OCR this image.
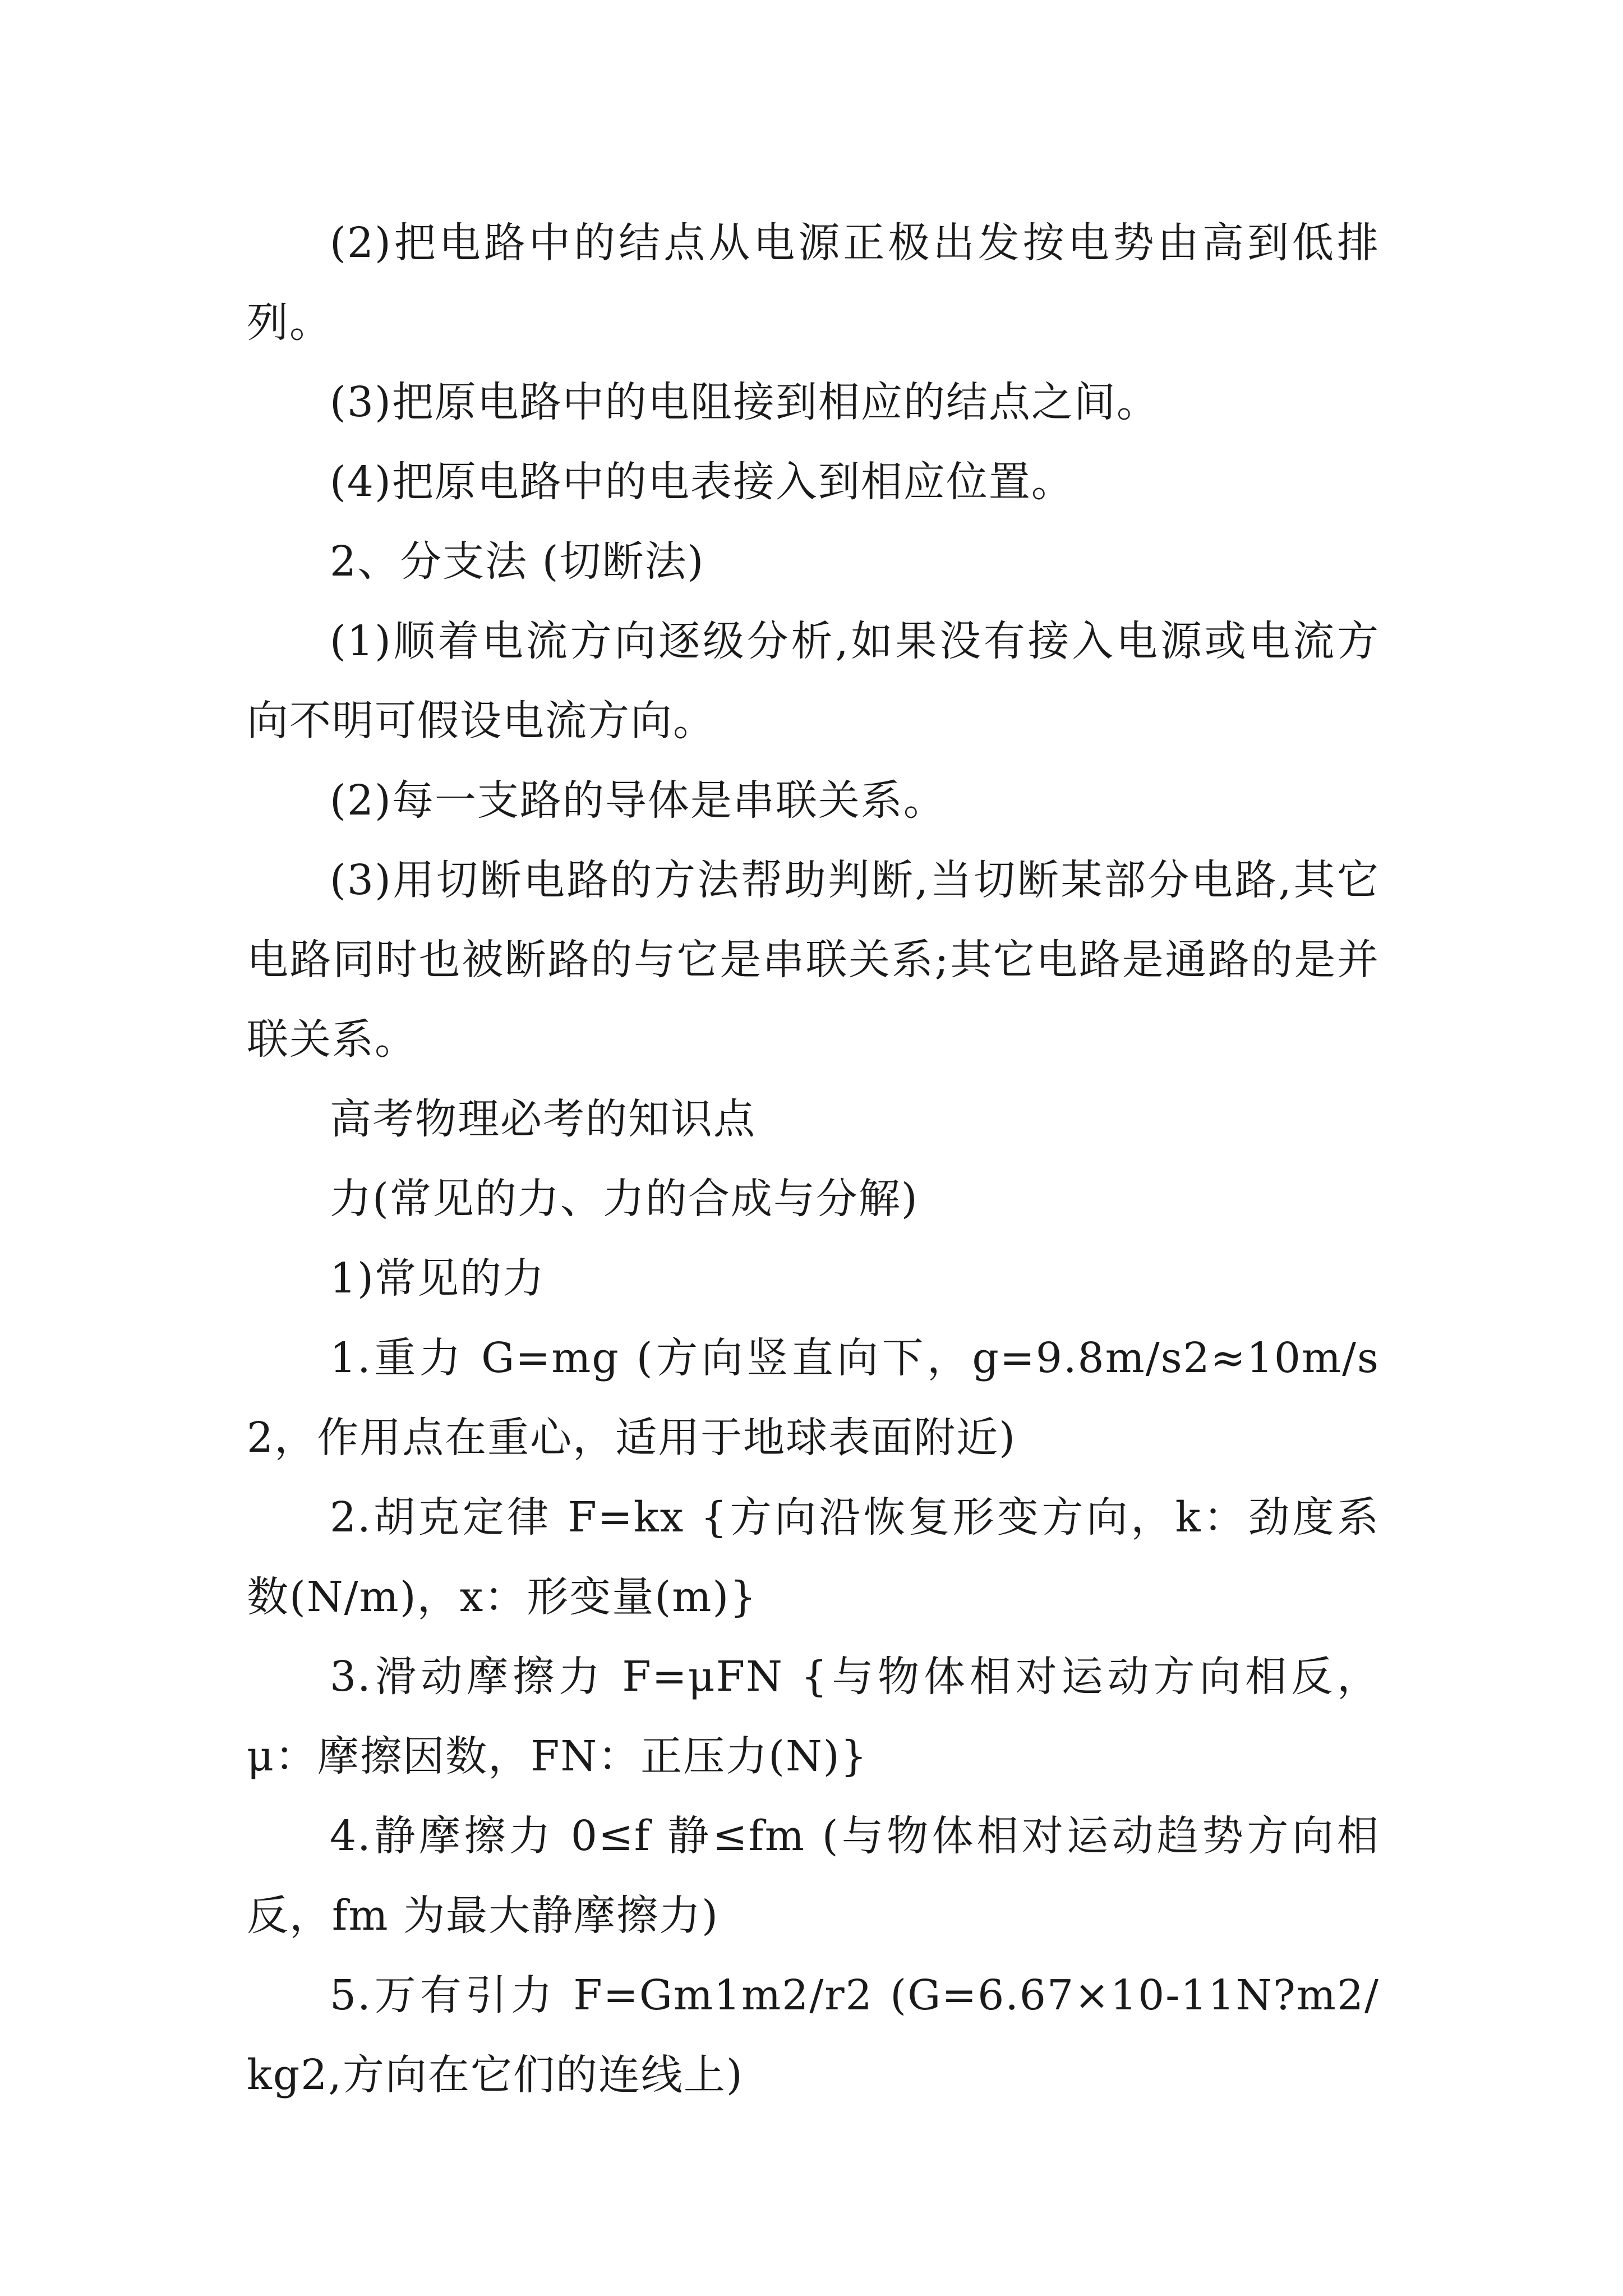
(2)把电路中的结点从电源正极出发按电势由高到低排列。

(3)把原电路中的电阻接到相应的结点之间。

(4)把原电路中的电表接入到相应位置。

2、分支法 (切断法)

(1)顺着电流方向逐级分析,如果没有接入电源或电流方向不明可假设电流方向。

(2)每一支路的导体是串联关系。

(3)用切断电路的方法帮助判断,当切断某部分电路,其它电路同时也被断路的与它是串联关系;其它电路是通路的是并联关系。

高考物理必考的知识点

力(常见的力、力的合成与分解)

1)常见的力

1.重力 G=mg (方向竖直向下，g=9.8m/s2≈10m/s2，作用点在重心，适用于地球表面附近)

2.胡克定律 F=kx {方向沿恢复形变方向，k：劲度系数(N/m)，x：形变量(m)}

3.滑动摩擦力 F=μFN {与物体相对运动方向相反， μ：摩擦因数，FN：正压力(N)}

4.静摩擦力 0≤f 静≤fm (与物体相对运动趋势方向相反，fm 为最大静摩擦力)

5.万有引力 F=Gm1m2/r2 (G=6.67×10-11N?m2/kg2,方向在它们的连线上)
